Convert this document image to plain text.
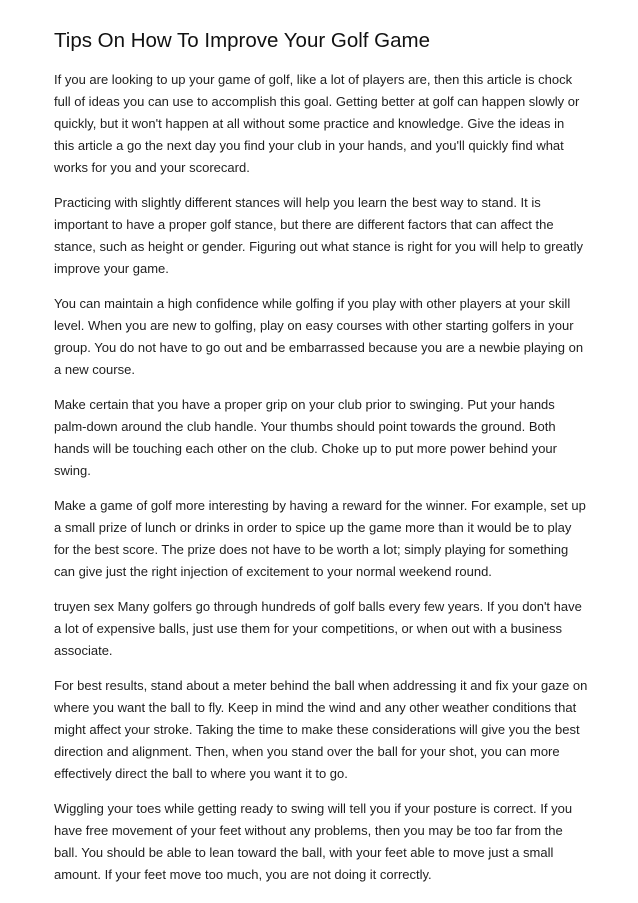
Tips On How To Improve Your Golf Game

If you are looking to up your game of golf, like a lot of players are, then this article is chock full of ideas you can use to accomplish this goal. Getting better at golf can happen slowly or quickly, but it won't happen at all without some practice and knowledge. Give the ideas in this article a go the next day you find your club in your hands, and you'll quickly find what works for you and your scorecard.

Practicing with slightly different stances will help you learn the best way to stand. It is important to have a proper golf stance, but there are different factors that can affect the stance, such as height or gender. Figuring out what stance is right for you will help to greatly improve your game.

You can maintain a high confidence while golfing if you play with other players at your skill level. When you are new to golfing, play on easy courses with other starting golfers in your group. You do not have to go out and be embarrassed because you are a newbie playing on a new course.

Make certain that you have a proper grip on your club prior to swinging. Put your hands palm-down around the club handle. Your thumbs should point towards the ground. Both hands will be touching each other on the club. Choke up to put more power behind your swing.

Make a game of golf more interesting by having a reward for the winner. For example, set up a small prize of lunch or drinks in order to spice up the game more than it would be to play for the best score. The prize does not have to be worth a lot; simply playing for something can give just the right injection of excitement to your normal weekend round.

truyen sex Many golfers go through hundreds of golf balls every few years. If you don't have a lot of expensive balls, just use them for your competitions, or when out with a business associate.

For best results, stand about a meter behind the ball when addressing it and fix your gaze on where you want the ball to fly. Keep in mind the wind and any other weather conditions that might affect your stroke. Taking the time to make these considerations will give you the best direction and alignment. Then, when you stand over the ball for your shot, you can more effectively direct the ball to where you want it to go.

Wiggling your toes while getting ready to swing will tell you if your posture is correct. If you have free movement of your feet without any problems, then you may be too far from the ball. You should be able to lean toward the ball, with your feet able to move just a small amount. If your feet move too much, you are not doing it correctly.
